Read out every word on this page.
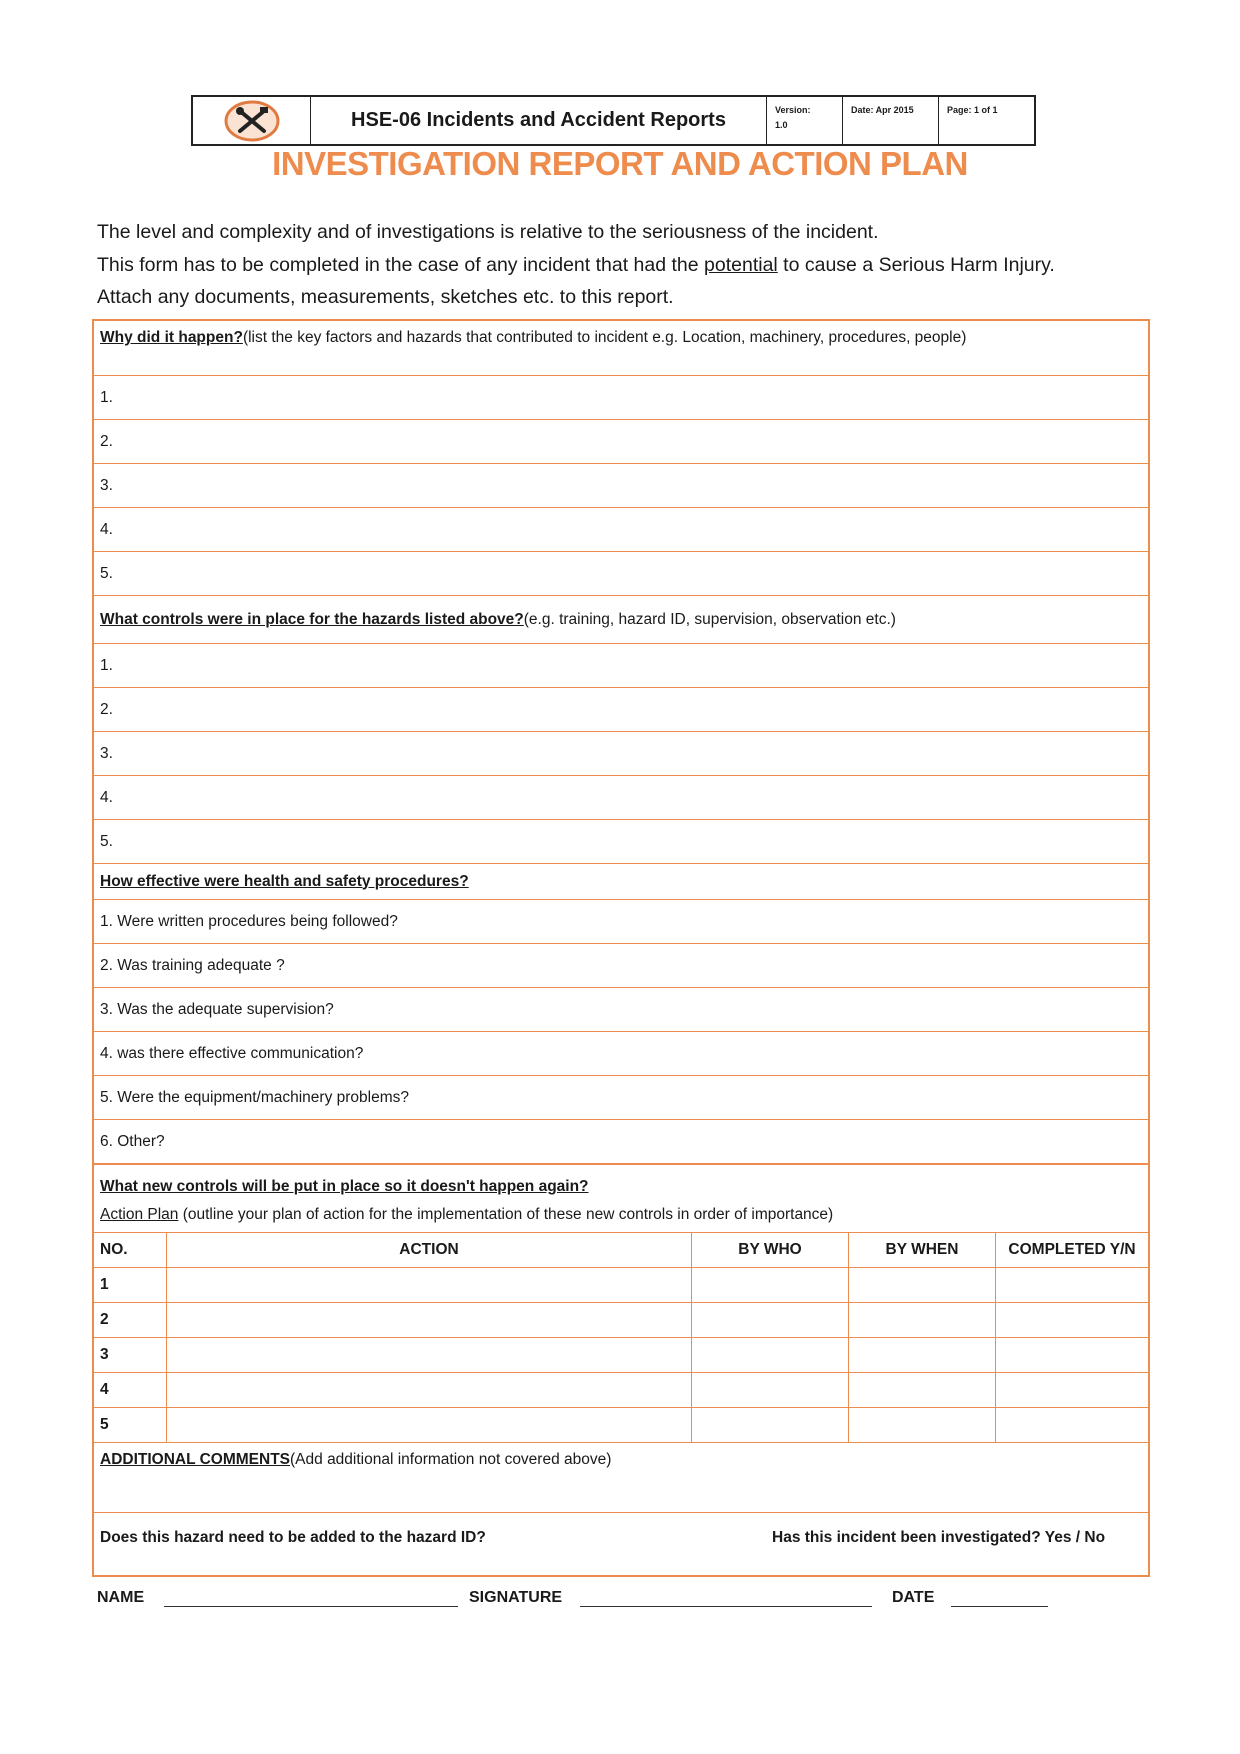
HSE-06 Incidents and Accident Reports	Version:
1.0
Date: Apr 2015	Page: 1 of 1
INVESTIGATION REPORT AND ACTION PLAN

The level and complexity and of investigations is relative to the seriousness of the incident.

This form has to be completed in the case of any incident that had the potential to cause a Serious Harm Injury.

Attach any documents, measurements, sketches etc. to this report.

Why did it happen? (list the key factors and hazards that contributed to incident e.g. Location, machinery, procedures, people)
1.
2.
3.
4.
5.
What controls were in place for the hazards listed above? (e.g. training, hazard ID, supervision, observation etc.)
1.
2.
3.
4.
5.
How effective were health and safety procedures?
1. Were written procedures being followed?
2. Was training adequate ?
3. Was the adequate supervision?
4. was there effective communication?
5. Were the equipment/machinery problems?
6. Other?
What new controls will be put in place so it doesn't happen again?
Action Plan (outline your plan of action for the implementation of these new controls in order of importance)
NO.	ACTION	BY WHO	BY WHEN	COMPLETED Y/N
1
2
3
4
5
ADDITIONAL COMMENTS (Add additional information not covered above)
Does this hazard need to be added to the hazard ID?	Has this incident been investigated? Yes / No
NAME	SIGNATURE	DATE
